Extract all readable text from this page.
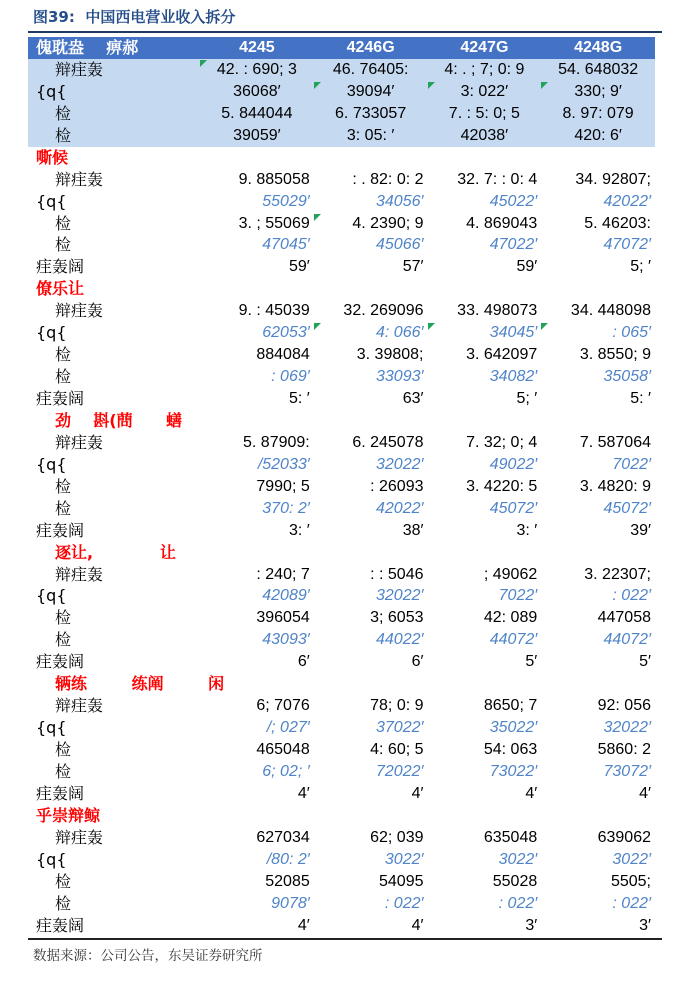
图39:  中国西电营业收入拆分
傀耽盎    痹郝	4245	4246G	4247G	4248G
辩疰轰	42. : 690; 3	46. 76405:	4: . ; 7; 0: 9	54. 648032
{q{	36068′	39094′	3: 022′	330; 9′
检	5. 844044	6. 733057	7. : 5: 0; 5	8. 97: 079
检	39059′	3: 05: ′	42038′	420: 6′
嘶候
辩疰轰	9. 885058	: . 82: 0: 2	32. 7: : 0: 4	34. 92807;
{q{	55029′	34056′	45022′	42022′
检	3. ; 55069	4. 2390; 9	4. 869043	5. 46203:
检	47045′	45066′	47022′	47072′
疰轰阔	59′	57′	59′	5; ′
僚乐让
辩疰轰	9. : 45039	32. 269096	33. 498073	34. 448098
{q{	62053′	4: 066′	34045′	: 065′
检	884084	3. 39808;	3. 642097	3. 8550; 9
检	: 069′	33093′	34082′	35058′
疰轰阔	5: ′	63′	5; ′	5: ′
劲    斟(蔄      蟮
辩疰轰	5. 87909:	6. 245078	7. 32; 0; 4	7. 587064
{q{	/52033′	32022′	49022′	7022′
检	7990; 5	: 26093	3. 4220: 5	3. 4820: 9
检	370: 2′	42022′	45072′	45072′
疰轰阔	3: ′	38′	3: ′	39′
逐让,            让
辩疰轰	: 240; 7	: : 5046	; 49062	3. 22307;
{q{	42089′	32022′	7022′	: 022′
检	396054	3; 6053	42: 089	447058
检	43093′	44022′	44072′	44072′
疰轰阔	6′	6′	5′	5′
辆练        练阐        闲
辩疰轰	6; 7076	78; 0: 9	8650; 7	92: 056
{q{	/; 027′	37022′	35022′	32022′
检	465048	4: 60; 5	54: 063	5860: 2
检	6; 02; ′	72022′	73022′	73072′
疰轰阔	4′	4′	4′	4′
乎崇辩鲸
辩疰轰	627034	62; 039	635048	639062
{q{	/80: 2′	3022′	3022′	3022′
检	52085	54095	55028	5505;
检	9078′	: 022′	: 022′	: 022′
疰轰阔	4′	4′	3′	3′
数据来源：公司公告，东吴证券研究所
